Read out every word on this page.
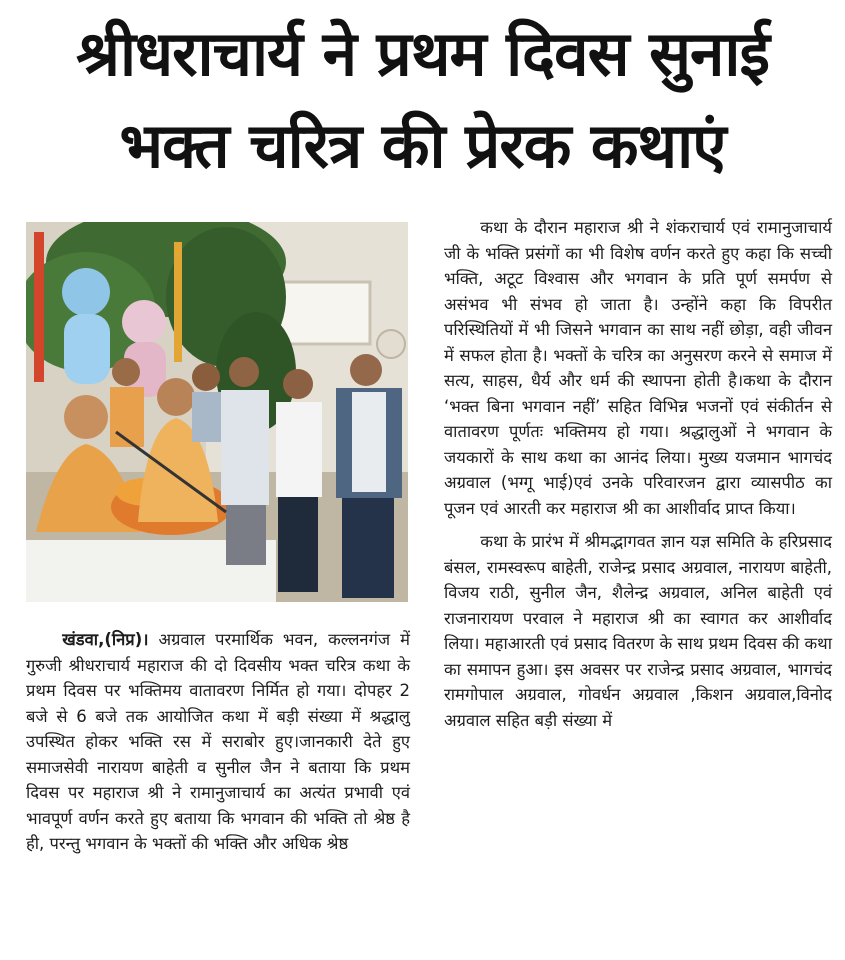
श्रीधराचार्य ने प्रथम दिवस सुनाई
भक्त चरित्र की प्रेरक कथाएं

कथा के दौरान महाराज श्री ने शंकराचार्य एवं रामानुजाचार्य जी के भक्ति प्रसंगों का भी विशेष वर्णन करते हुए कहा कि सच्ची भक्ति, अटूट विश्वास और भगवान के प्रति पूर्ण समर्पण से असंभव भी संभव हो जाता है। उन्होंने कहा कि विपरीत परिस्थितियों में भी जिसने भगवान का साथ नहीं छोड़ा, वही जीवन में सफल होता है। भक्तों के चरित्र का अनुसरण करने से समाज में सत्य, साहस, धैर्य और धर्म की स्थापना होती है।कथा के दौरान ‘भक्त बिना भगवान नहीं’ सहित विभिन्न भजनों एवं संकीर्तन से वातावरण पूर्णतः भक्तिमय हो गया। श्रद्धालुओं ने भगवान के जयकारों के साथ कथा का आनंद लिया। मुख्य यजमान भागचंद अग्रवाल (भग्गू भाई)एवं उनके परिवारजन द्वारा व्यासपीठ का पूजन एवं आरती कर महाराज श्री का आशीर्वाद प्राप्त किया।

कथा के प्रारंभ में श्रीमद्भागवत ज्ञान यज्ञ समिति के हरिप्रसाद बंसल, रामस्वरूप बाहेती, राजेन्द्र प्रसाद अग्रवाल, नारायण बाहेती, विजय राठी, सुनील जैन, शैलेन्द्र अग्रवाल, अनिल बाहेती एवं राजनारायण परवाल ने महाराज श्री का स्वागत कर आशीर्वाद लिया। महाआरती एवं प्रसाद वितरण के साथ प्रथम दिवस की कथा का समापन हुआ। इस अवसर पर राजेन्द्र प्रसाद अग्रवाल, भागचंद रामगोपाल अग्रवाल, गोवर्धन अग्रवाल ,किशन अग्रवाल,विनोद अग्रवाल सहित बड़ी संख्या में

खंडवा,(निप्र)। अग्रवाल परमार्थिक भवन, कल्लनगंज में गुरुजी श्रीधराचार्य महाराज की दो दिवसीय भक्त चरित्र कथा के प्रथम दिवस पर भक्तिमय वातावरण निर्मित हो गया। दोपहर 2 बजे से 6 बजे तक आयोजित कथा में बड़ी संख्या में श्रद्धालु उपस्थित होकर भक्ति रस में सराबोर हुए।जानकारी देते हुए समाजसेवी नारायण बाहेती व सुनील जैन ने बताया कि प्रथम दिवस पर महाराज श्री ने रामानुजाचार्य का अत्यंत प्रभावी एवं भावपूर्ण वर्णन करते हुए बताया कि भगवान की भक्ति तो श्रेष्ठ है ही, परन्तु भगवान के भक्तों की भक्ति और अधिक श्रेष्ठ
